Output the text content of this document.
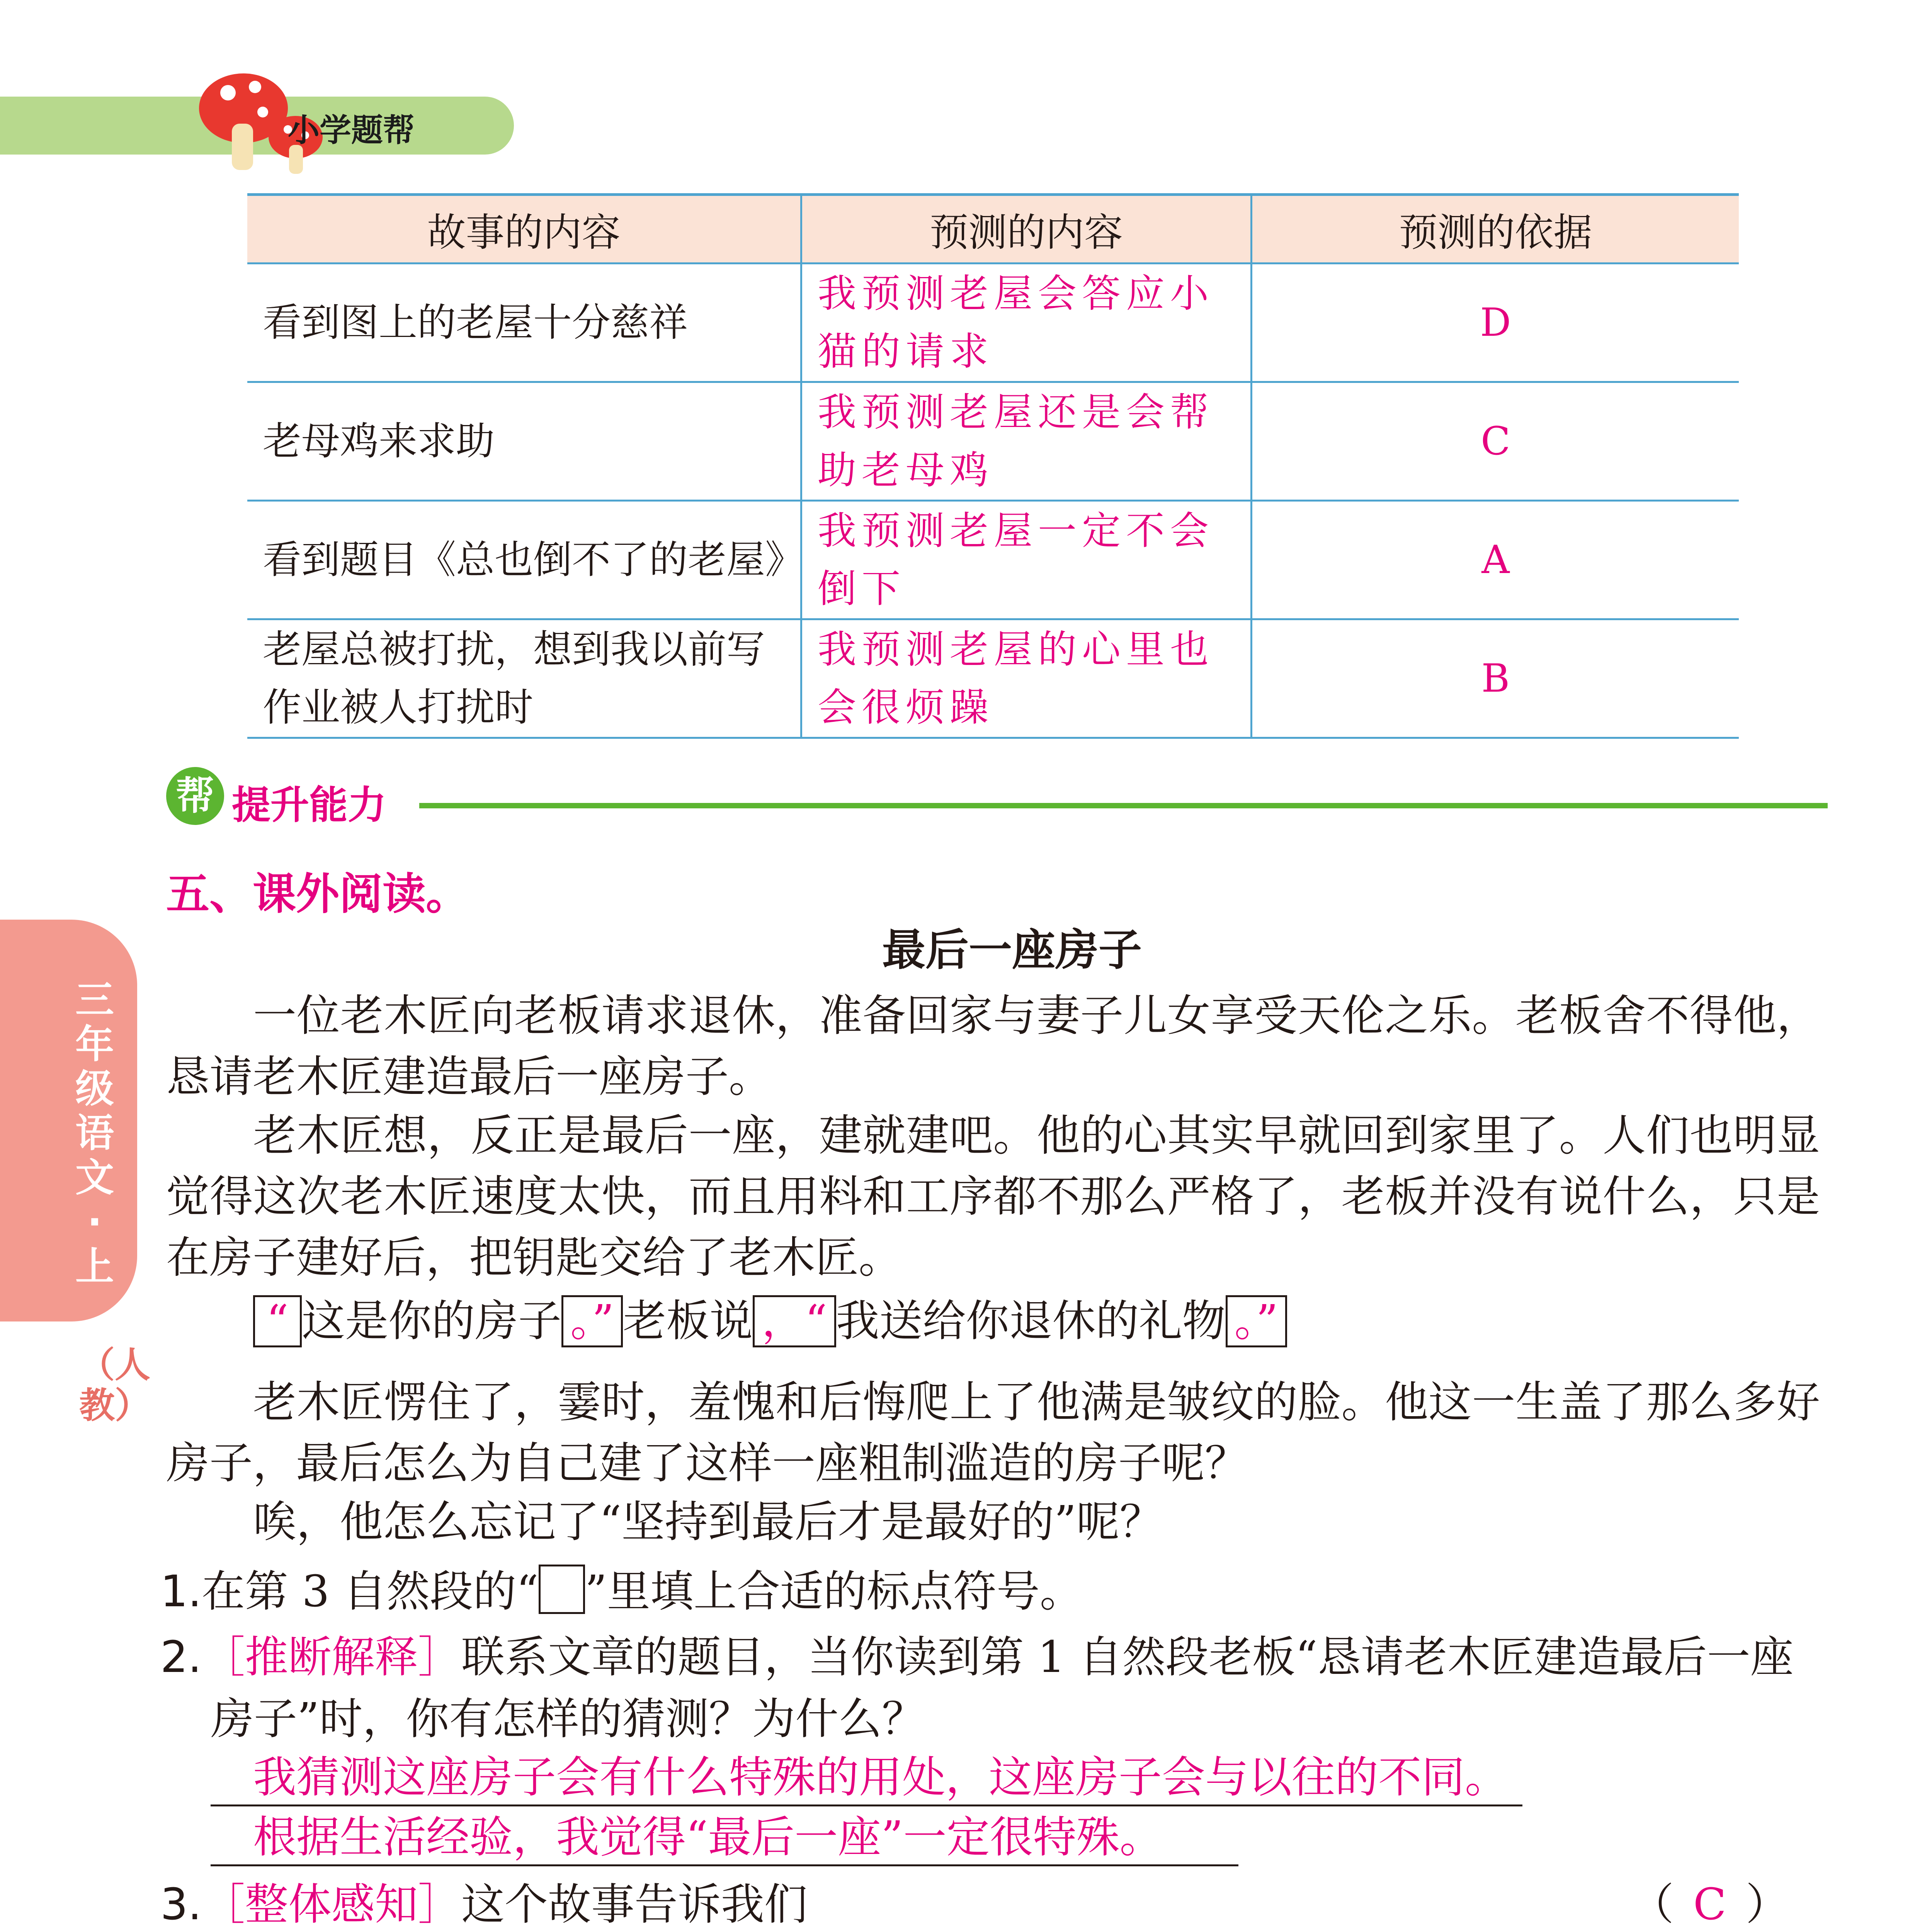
小学题帮
故事的内容	预测的内容	预测的依据
看到图上的老屋十分慈祥	我预测老屋会答应小猫的请求	D
老母鸡来求助	我预测老屋还是会帮助老母鸡	C
看到题目《总也倒不了的老屋》	我预测老屋一定不会倒下	A
老屋总被打扰，想到我以前写作业被人打扰时	我预测老屋的心里也会很烦躁	B
帮 提升能力
三年级语文·上
（人教）
五、课外阅读。
最后一座房子
一位老木匠向老板请求退休，准备回家与妻子儿女享受天伦之乐。老板舍不得他，恳请老木匠建造最后一座房子。
老木匠想，反正是最后一座，建就建吧。他的心其实早就回到家里了。人们也明显觉得这次老木匠速度太快，而且用料和工序都不那么严格了，老板并没有说什么，只是在房子建好后，把钥匙交给了老木匠。
“ 这是你的房子 。” 老板说 ，“ 我送给你退休的礼物 。”
老木匠愣住了，霎时，羞愧和后悔爬上了他满是皱纹的脸。他这一生盖了那么多好房子，最后怎么为自己建了这样一座粗制滥造的房子呢？
唉，他怎么忘记了“坚持到最后才是最好的”呢？
1.在第 3 自然段的“ ”里填上合适的标点符号。
2.［推断解释］联系文章的题目，当你读到第 1 自然段老板“恳请老木匠建造最后一座
房子”时，你有怎样的猜测？为什么？
我猜测这座房子会有什么特殊的用处，这座房子会与以往的不同。
根据生活经验，我觉得“最后一座”一定很特殊。
3.［整体感知］这个故事告诉我们	（ C ）
